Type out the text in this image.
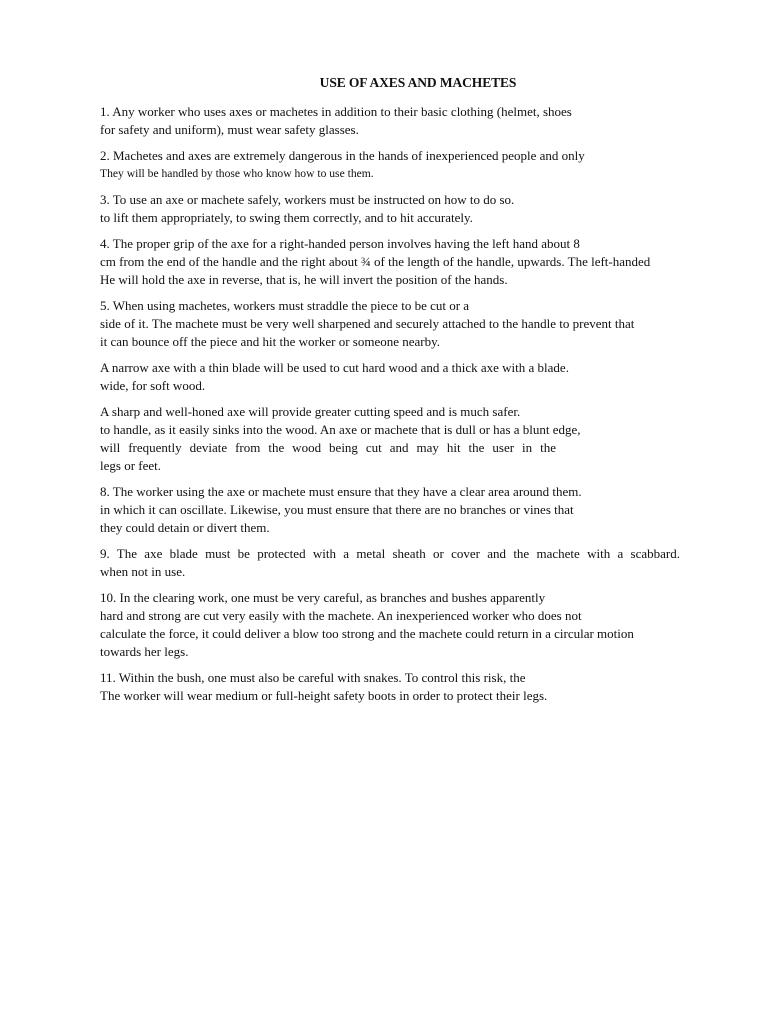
USE OF AXES AND MACHETES
1. Any worker who uses axes or machetes in addition to their basic clothing (helmet, shoes
for safety and uniform), must wear safety glasses.
2. Machetes and axes are extremely dangerous in the hands of inexperienced people and only
They will be handled by those who know how to use them.
3. To use an axe or machete safely, workers must be instructed on how to do so.
to lift them appropriately, to swing them correctly, and to hit accurately.
4. The proper grip of the axe for a right-handed person involves having the left hand about 8
cm from the end of the handle and the right about ¾ of the length of the handle, upwards. The left-handed
He will hold the axe in reverse, that is, he will invert the position of the hands.
5. When using machetes, workers must straddle the piece to be cut or a
side of it. The machete must be very well sharpened and securely attached to the handle to prevent that
it can bounce off the piece and hit the worker or someone nearby.
A narrow axe with a thin blade will be used to cut hard wood and a thick axe with a blade.
wide, for soft wood.
A sharp and well-honed axe will provide greater cutting speed and is much safer.
to handle, as it easily sinks into the wood. An axe or machete that is dull or has a blunt edge,
will frequently deviate from the wood being cut and may hit the user in the
legs or feet.
8. The worker using the axe or machete must ensure that they have a clear area around them.
in which it can oscillate. Likewise, you must ensure that there are no branches or vines that
they could detain or divert them.
9. The axe blade must be protected with a metal sheath or cover and the machete with a scabbard.
when not in use.
10. In the clearing work, one must be very careful, as branches and bushes apparently
hard and strong are cut very easily with the machete. An inexperienced worker who does not
calculate the force, it could deliver a blow too strong and the machete could return in a circular motion
towards her legs.
11. Within the bush, one must also be careful with snakes. To control this risk, the
The worker will wear medium or full-height safety boots in order to protect their legs.
